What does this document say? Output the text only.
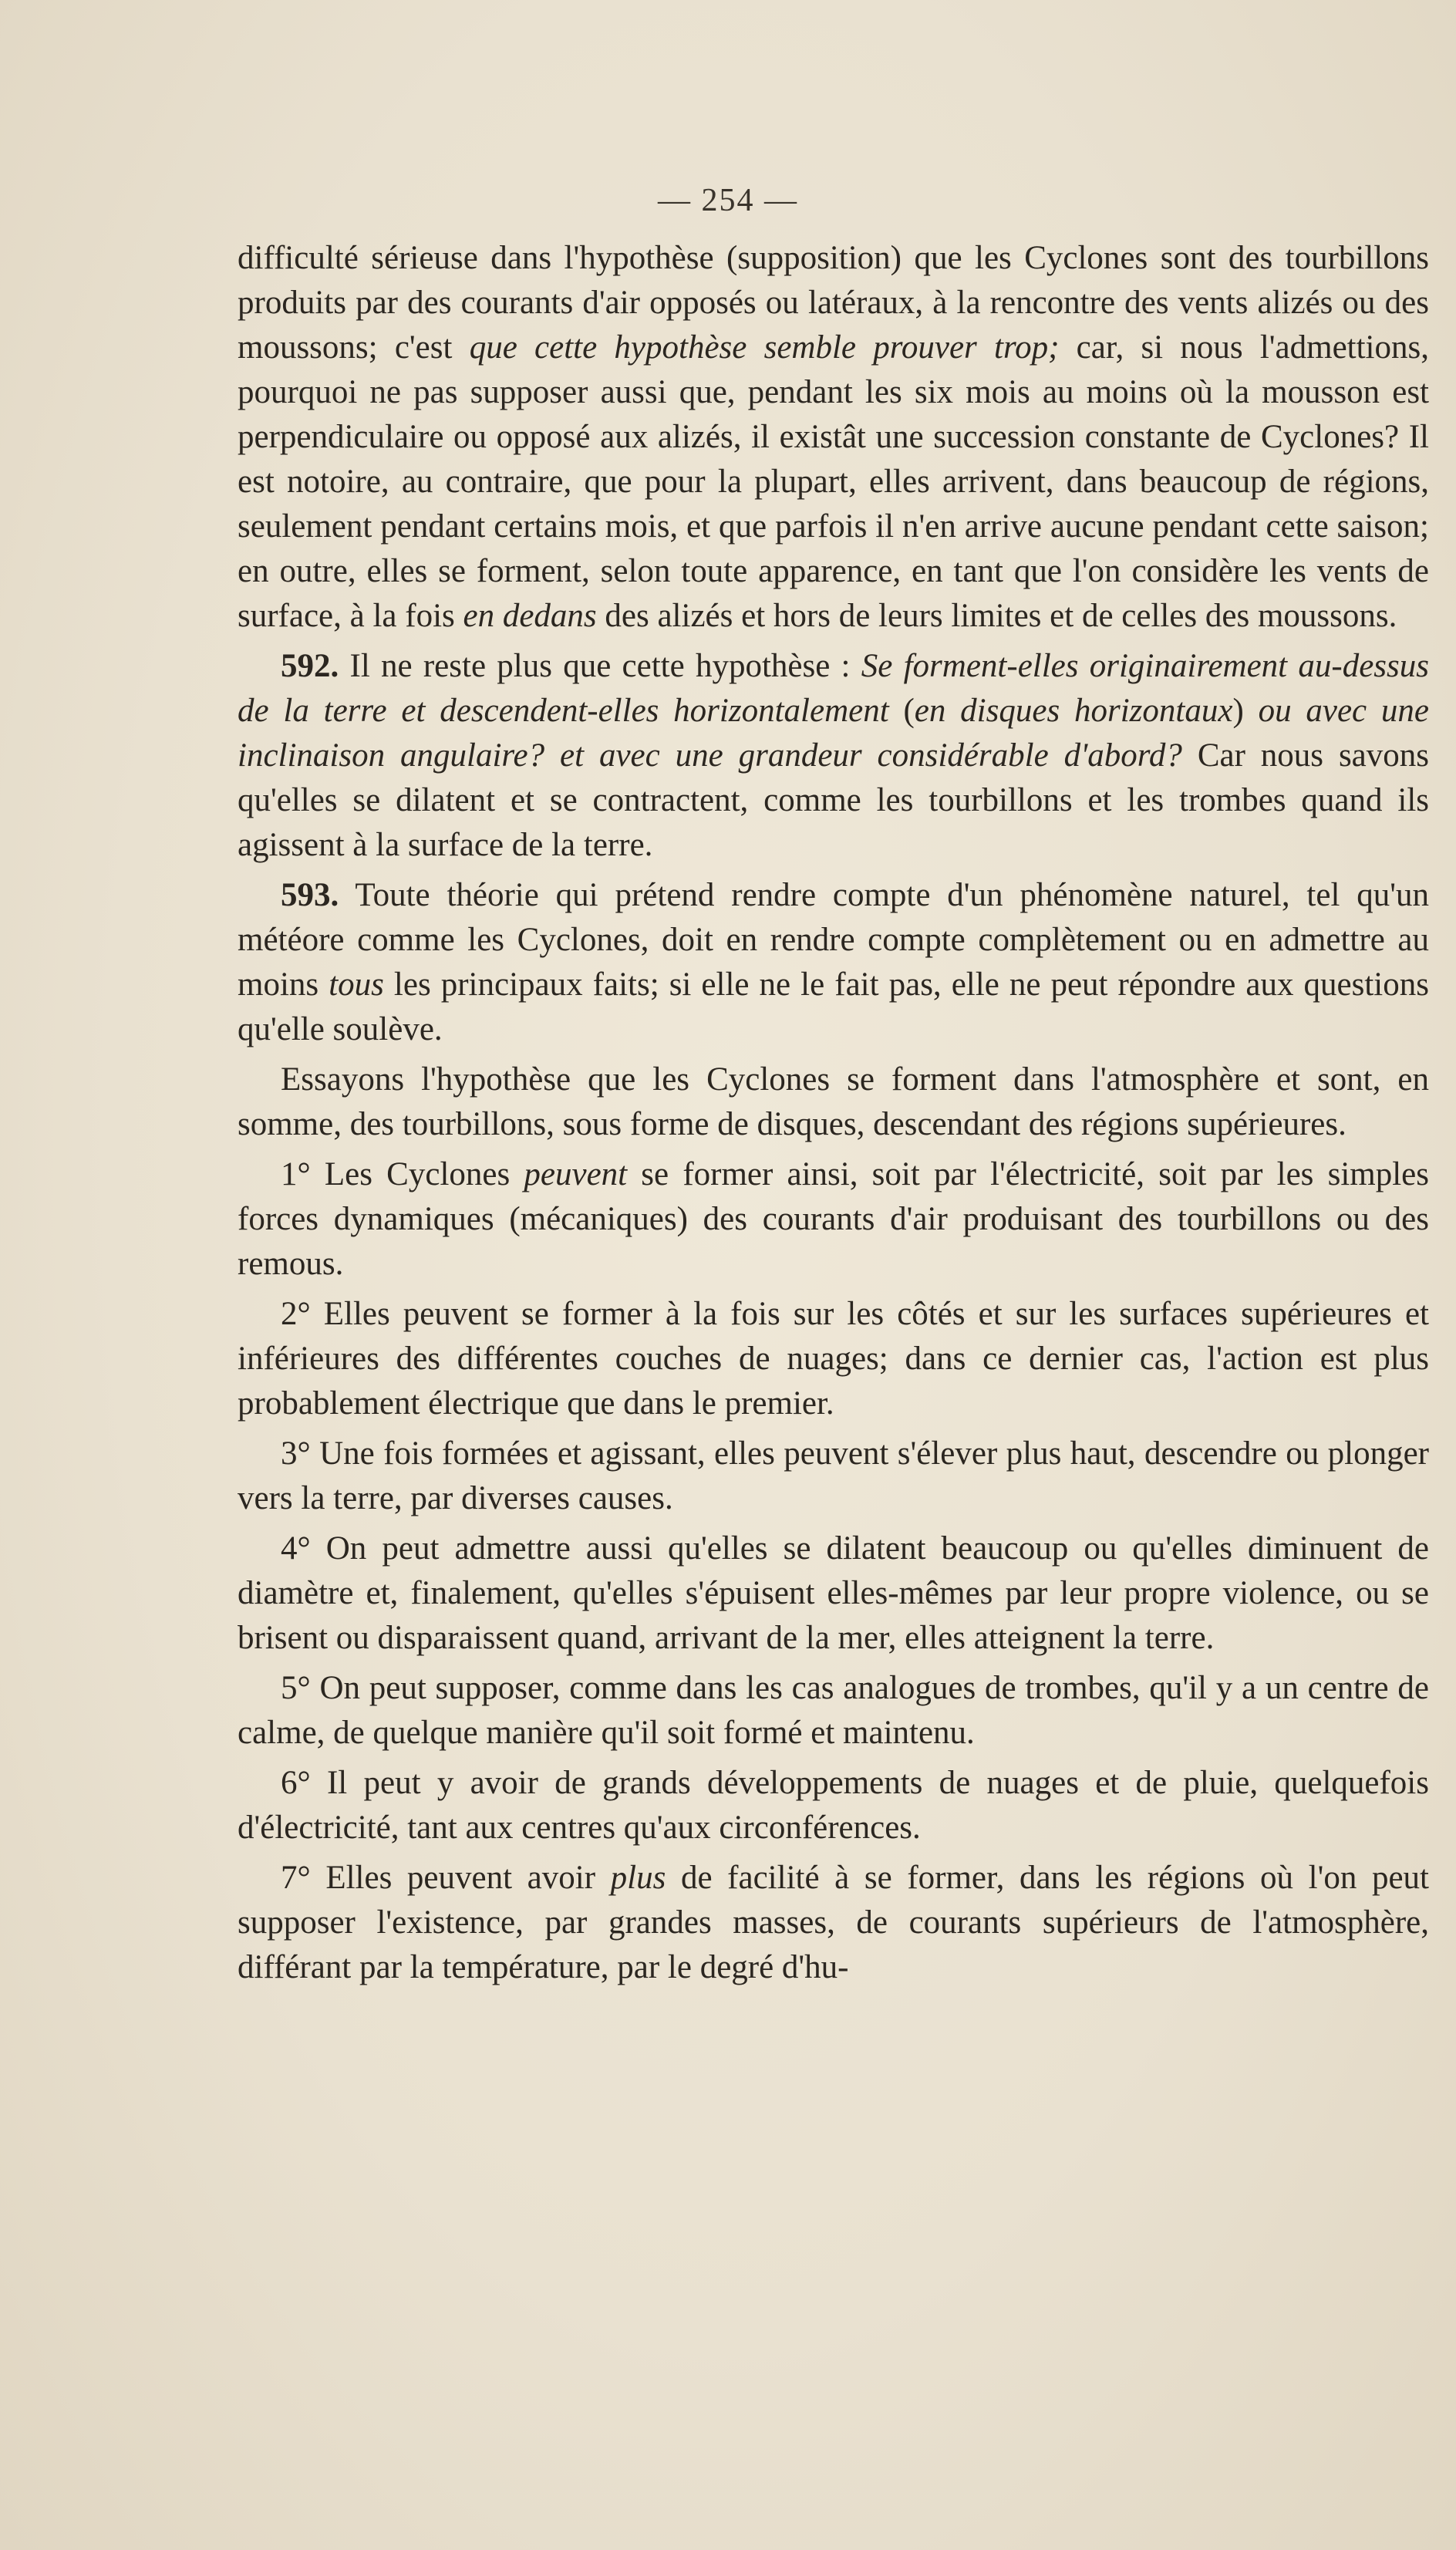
— 254 —

difficulté sérieuse dans l'hypothèse (supposition) que les Cyclones sont des tourbillons produits par des courants d'air opposés ou latéraux, à la rencontre des vents alizés ou des moussons; c'est que cette hypothèse semble prouver trop; car, si nous l'admettions, pourquoi ne pas supposer aussi que, pendant les six mois au moins où la mousson est perpendiculaire ou opposé aux alizés, il existât une succession constante de Cyclones? Il est notoire, au contraire, que pour la plupart, elles arrivent, dans beaucoup de régions, seulement pendant certains mois, et que parfois il n'en arrive aucune pendant cette saison; en outre, elles se forment, selon toute apparence, en tant que l'on considère les vents de surface, à la fois en dedans des alizés et hors de leurs limites et de celles des moussons.

592. Il ne reste plus que cette hypothèse : Se forment-elles originairement au-dessus de la terre et descendent-elles horizontalement (en disques horizontaux) ou avec une inclinaison angulaire? et avec une grandeur considérable d'abord? Car nous savons qu'elles se dilatent et se contractent, comme les tourbillons et les trombes quand ils agissent à la surface de la terre.

593. Toute théorie qui prétend rendre compte d'un phénomène naturel, tel qu'un météore comme les Cyclones, doit en rendre compte complètement ou en admettre au moins tous les principaux faits; si elle ne le fait pas, elle ne peut répondre aux questions qu'elle soulève.

Essayons l'hypothèse que les Cyclones se forment dans l'atmosphère et sont, en somme, des tourbillons, sous forme de disques, descendant des régions supérieures.

1° Les Cyclones peuvent se former ainsi, soit par l'électricité, soit par les simples forces dynamiques (mécaniques) des courants d'air produisant des tourbillons ou des remous.

2° Elles peuvent se former à la fois sur les côtés et sur les surfaces supérieures et inférieures des différentes couches de nuages; dans ce dernier cas, l'action est plus probablement électrique que dans le premier.

3° Une fois formées et agissant, elles peuvent s'élever plus haut, descendre ou plonger vers la terre, par diverses causes.

4° On peut admettre aussi qu'elles se dilatent beaucoup ou qu'elles diminuent de diamètre et, finalement, qu'elles s'épuisent elles-mêmes par leur propre violence, ou se brisent ou disparaissent quand, arrivant de la mer, elles atteignent la terre.

5° On peut supposer, comme dans les cas analogues de trombes, qu'il y a un centre de calme, de quelque manière qu'il soit formé et maintenu.

6° Il peut y avoir de grands développements de nuages et de pluie, quelquefois d'électricité, tant aux centres qu'aux circonférences.

7° Elles peuvent avoir plus de facilité à se former, dans les régions où l'on peut supposer l'existence, par grandes masses, de courants supérieurs de l'atmosphère, différant par la température, par le degré d'hu-
